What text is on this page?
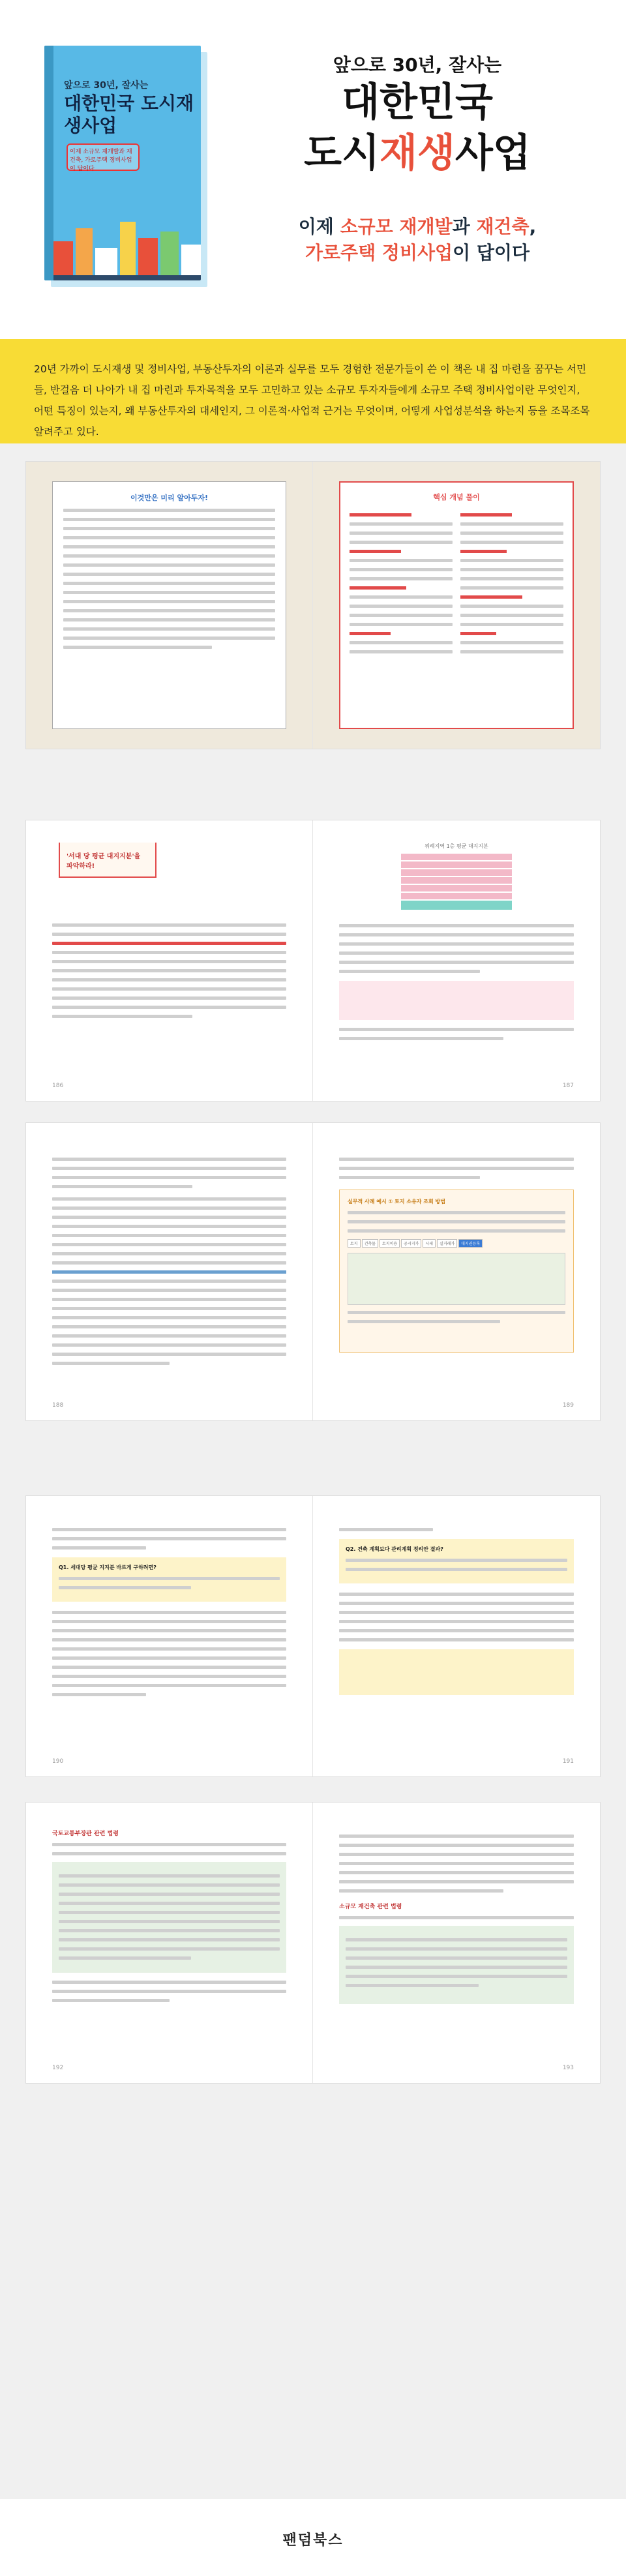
앞으로 30년, 잘사는
대한민국 도시재생사업
이제 소규모 재개발과 재건축, 가로주택 정비사업이 답이다
앞으로 30년, 잘사는
대한민국
도시재생사업
이제 소규모 재개발과 재건축,
가로주택 정비사업이 답이다
20년 가까이 도시재생 및 정비사업, 부동산투자의 이론과 실무를 모두 경험한 전문가들이 쓴 이 책은 내 집 마련을 꿈꾸는 서민들, 반걸음 더 나아가 내 집 마련과 투자목적을 모두 고민하고 있는 소규모 투자자들에게 소규모 주택 정비사업이란 무엇인지, 어떤 특징이 있는지, 왜 부동산투자의 대세인지, 그 이론적·사업적 근거는 무엇이며, 어떻게 사업성분석을 하는지 등을 조목조목 알려주고 있다.
이것만은 미리 알아두자!	핵심 개념 풀이
'서대 당 평균 대지지분'을 파악하라!
186
위례지역 1층 평균 대지지분
187
188
실무적 사례 예시 ① 토지 소유자 조회 방법
토지	건축물	토지이용	공시지가	시세	실거래가	대지권등록
189
Q1. 세대당 평균 지지분 바르게 구하려면?
190
Q2. 건축 계획보다 관리계획 정리안 결과?
191
국토교통부장관 관련 법령
192
소규모 재건축 관련 법령
193
팬덤북스
